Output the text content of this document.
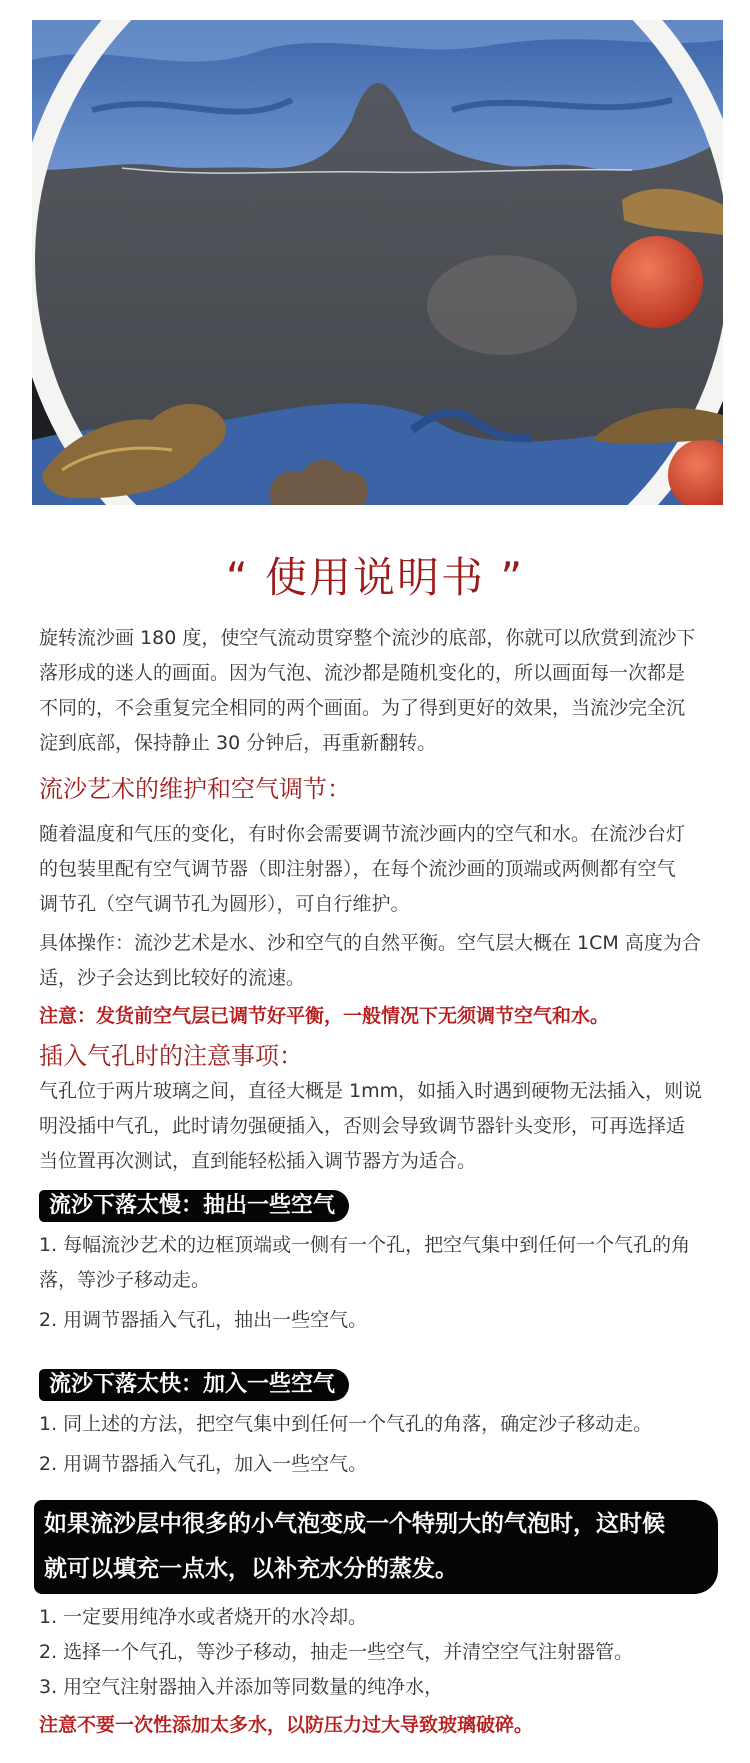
“ 使用说明书 ”

旋转流沙画 180 度，使空气流动贯穿整个流沙的底部，你就可以欣赏到流沙下

落形成的迷人的画面。因为气泡、流沙都是随机变化的，所以画面每一次都是

不同的，不会重复完全相同的两个画面。为了得到更好的效果，当流沙完全沉

淀到底部，保持静止 30 分钟后，再重新翻转。

流沙艺术的维护和空气调节：

随着温度和气压的变化，有时你会需要调节流沙画内的空气和水。在流沙台灯

的包装里配有空气调节器（即注射器），在每个流沙画的顶端或两侧都有空气

调节孔（空气调节孔为圆形），可自行维护。

具体操作：流沙艺术是水、沙和空气的自然平衡。空气层大概在 1CM 高度为合

适，沙子会达到比较好的流速。

注意：发货前空气层已调节好平衡，一般情况下无须调节空气和水。

插入气孔时的注意事项：

气孔位于两片玻璃之间，直径大概是 1mm，如插入时遇到硬物无法插入，则说

明没插中气孔，此时请勿强硬插入，否则会导致调节器针头变形，可再选择适

当位置再次测试，直到能轻松插入调节器方为适合。

流沙下落太慢：抽出一些空气

1. 每幅流沙艺术的边框顶端或一侧有一个孔，把空气集中到任何一个气孔的角

落，等沙子移动走。

2. 用调节器插入气孔，抽出一些空气。

流沙下落太快：加入一些空气

1. 同上述的方法，把空气集中到任何一个气孔的角落，确定沙子移动走。

2. 用调节器插入气孔，加入一些空气。

如果流沙层中很多的小气泡变成一个特别大的气泡时，这时候
就可以填充一点水，以补充水分的蒸发。

1. 一定要用纯净水或者烧开的水冷却。

2. 选择一个气孔，等沙子移动，抽走一些空气，并清空空气注射器管。

3. 用空气注射器抽入并添加等同数量的纯净水，

注意不要一次性添加太多水，以防压力过大导致玻璃破碎。
